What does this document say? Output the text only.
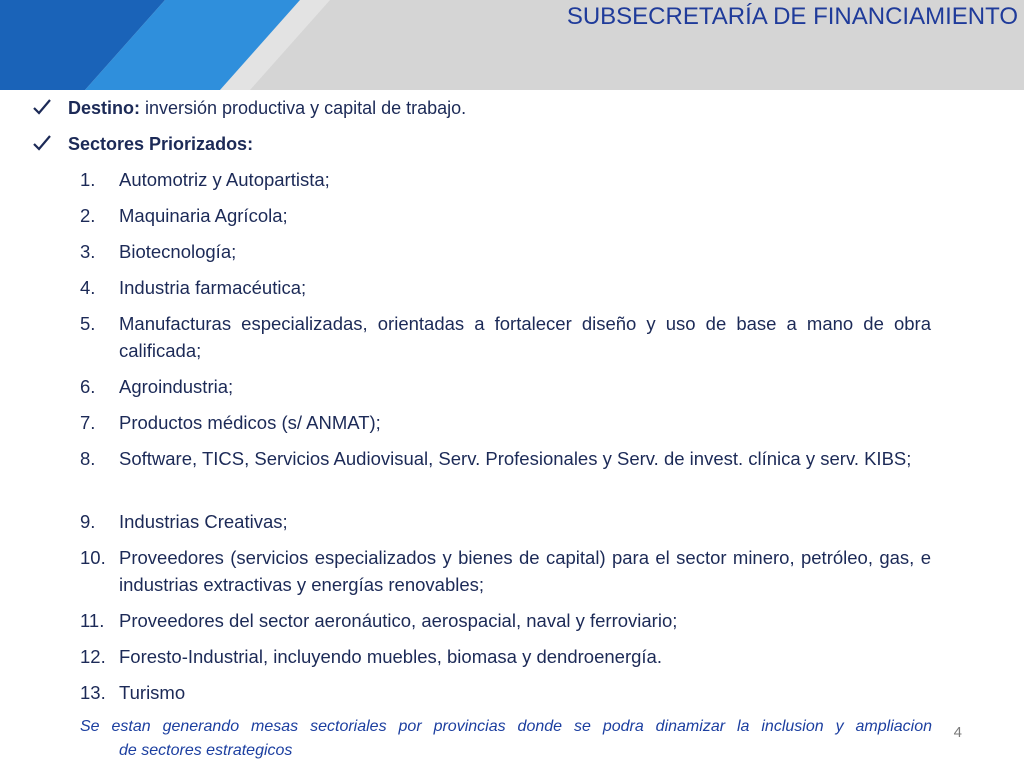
SUBSECRETARÍA DE FINANCIAMIENTO
Destino: inversión productiva y capital de trabajo.
Sectores Priorizados:
1.	Automotriz y Autopartista;
2.	Maquinaria Agrícola;
3.	Biotecnología;
4.	Industria farmacéutica;
5.	Manufacturas especializadas, orientadas a fortalecer diseño y uso de base a mano de obra calificada;
6.	Agroindustria;
7.	Productos médicos (s/ ANMAT);
8.	Software, TICS, Servicios Audiovisual, Serv. Profesionales y Serv. de invest. clínica y serv. KIBS;
9.	Industrias Creativas;
10. Proveedores (servicios especializados y bienes de capital) para el sector minero, petróleo, gas, e industrias extractivas y energías renovables;
11. Proveedores del sector aeronáutico, aerospacial, naval y ferroviario;
12. Foresto-Industrial, incluyendo muebles, biomasa y dendroenergía.
13. Turismo
Se estan generando mesas sectoriales por provincias donde se podra dinamizar la inclusion y ampliacion
de sectores estrategicos
4
